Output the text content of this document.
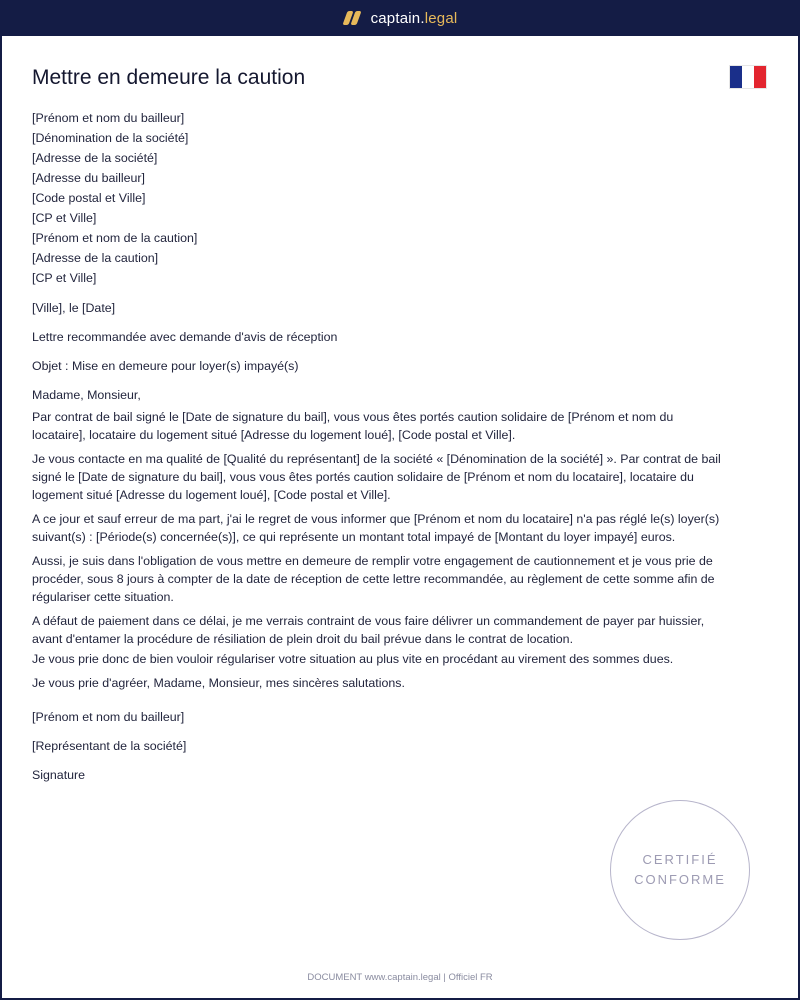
captain.legal
Mettre en demeure la caution
[Prénom et nom du bailleur]
[Dénomination de la société]
[Adresse de la société]
[Adresse du bailleur]
[Code postal et Ville]
[CP et Ville]
[Prénom et nom de la caution]
[Adresse de la caution]
[CP et Ville]

[Ville], le [Date]

Lettre recommandée avec demande d'avis de réception

Objet : Mise en demeure pour loyer(s) impayé(s)

Madame, Monsieur,

Par contrat de bail signé le [Date de signature du bail], vous vous êtes portés caution solidaire de [Prénom et nom du locataire], locataire du logement situé [Adresse du logement loué], [Code postal et Ville].

Je vous contacte en ma qualité de [Qualité du représentant] de la société « [Dénomination de la société] ». Par contrat de bail signé le [Date de signature du bail], vous vous êtes portés caution solidaire de [Prénom et nom du locataire], locataire du logement situé [Adresse du logement loué], [Code postal et Ville].

A ce jour et sauf erreur de ma part, j'ai le regret de vous informer que [Prénom et nom du locataire] n'a pas réglé le(s) loyer(s) suivant(s) : [Période(s) concernée(s)], ce qui représente un montant total impayé de [Montant du loyer impayé] euros.

Aussi, je suis dans l'obligation de vous mettre en demeure de remplir votre engagement de cautionnement et je vous prie de procéder, sous 8 jours à compter de la date de réception de cette lettre recommandée, au règlement de cette somme afin de régulariser cette situation.

A défaut de paiement dans ce délai, je me verrais contraint de vous faire délivrer un commandement de payer par huissier, avant d'entamer la procédure de résiliation de plein droit du bail prévue dans le contrat de location.

Je vous prie donc de bien vouloir régulariser votre situation au plus vite en procédant au virement des sommes dues.

Je vous prie d'agréer, Madame, Monsieur, mes sincères salutations.

[Prénom et nom du bailleur]

[Représentant de la société]

Signature

CERTIFIÉ
CONFORME
DOCUMENT www.captain.legal | Officiel FR
